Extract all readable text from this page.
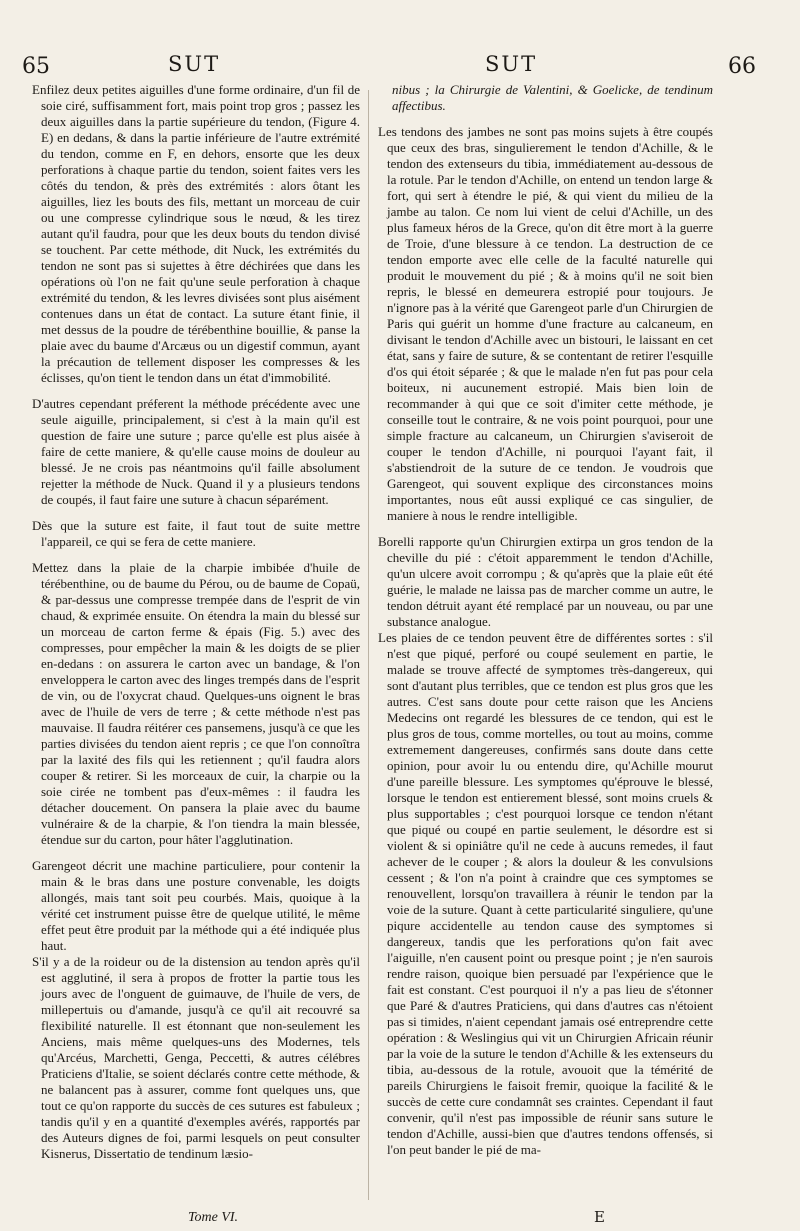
65	SUT	SUT	66

Enfilez deux petites aiguilles d'une forme ordinaire, d'un fil de soie ciré, suffisamment fort, mais point trop gros ; passez les deux aiguilles dans la partie supérieure du tendon, (Figure 4. E) en dedans, & dans la partie inférieure de l'autre extrémité du tendon, comme en F, en dehors, ensorte que les deux perforations à chaque partie du tendon, soient faites vers les côtés du tendon, & près des extrémités : alors ôtant les aiguilles, liez les bouts des fils, mettant un morceau de cuir ou une compresse cylindrique sous le nœud, & les tirez autant qu'il faudra, pour que les deux bouts du tendon divisé se touchent. Par cette méthode, dit Nuck, les extrémités du tendon ne sont pas si sujettes à être déchirées que dans les opérations où l'on ne fait qu'une seule perforation à chaque extrémité du tendon, & les levres divisées sont plus aisément contenues dans un état de contact. La suture étant finie, il met dessus de la poudre de térébenthine bouillie, & panse la plaie avec du baume d'Arcæus ou un digestif commun, ayant la précaution de tellement disposer les compresses & les éclisses, qu'on tient le tendon dans un état d'immobilité.

D'autres cependant préferent la méthode précédente avec une seule aiguille, principalement, si c'est à la main qu'il est question de faire une suture ; parce qu'elle est plus aisée à faire de cette maniere, & qu'elle cause moins de douleur au blessé. Je ne crois pas néantmoins qu'il faille absolument rejetter la méthode de Nuck. Quand il y a plusieurs tendons de coupés, il faut faire une suture à chacun séparément.

Dès que la suture est faite, il faut tout de suite mettre l'appareil, ce qui se fera de cette maniere.

Mettez dans la plaie de la charpie imbibée d'huile de térébenthine, ou de baume du Pérou, ou de baume de Copaü, & par-dessus une compresse trempée dans de l'esprit de vin chaud, & exprimée ensuite. On étendra la main du blessé sur un morceau de carton ferme & épais (Fig. 5.) avec des compresses, pour empêcher la main & les doigts de se plier en-dedans : on assurera le carton avec un bandage, & l'on enveloppera le carton avec des linges trempés dans de l'esprit de vin, ou de l'oxycrat chaud. Quelques-uns oignent le bras avec de l'huile de vers de terre ; & cette méthode n'est pas mauvaise. Il faudra réitérer ces pansemens, jusqu'à ce que les parties divisées du tendon aient repris ; ce que l'on connoîtra par la laxité des fils qui les retiennent ; qu'il faudra alors couper & retirer. Si les morceaux de cuir, la charpie ou la soie cirée ne tombent pas d'eux-mêmes : il faudra les détacher doucement. On pansera la plaie avec du baume vulnéraire & de la charpie, & l'on tiendra la main blessée, étendue sur du carton, pour hâter l'agglutination.

Garengeot décrit une machine particuliere, pour contenir la main & le bras dans une posture convenable, les doigts allongés, mais tant soit peu courbés. Mais, quoique à la vérité cet instrument puisse être de quelque utilité, le même effet peut être produit par la méthode qui a été indiquée plus haut.

S'il y a de la roideur ou de la distension au tendon après qu'il est agglutiné, il sera à propos de frotter la partie tous les jours avec de l'onguent de guimauve, de l'huile de vers, de millepertuis ou d'amande, jusqu'à ce qu'il ait recouvré sa flexibilité naturelle. Il est étonnant que non-seulement les Anciens, mais même quelques-uns des Modernes, tels qu'Arcéus, Marchetti, Genga, Peccetti, & autres célébres Praticiens d'Italie, se soient déclarés contre cette méthode, & ne balancent pas à assurer, comme font quelques uns, que tout ce qu'on rapporte du succès de ces sutures est fabuleux ; tandis qu'il y en a quantité d'exemples avérés, rapportés par des Auteurs dignes de foi, parmi lesquels on peut consulter Kisnerus, Dissertatio de tendinum læsio-

nibus ; la Chirurgie de Valentini, & Goelicke, de tendinum affectibus.

Les tendons des jambes ne sont pas moins sujets à être coupés que ceux des bras, singulierement le tendon d'Achille, & le tendon des extenseurs du tibia, immédiatement au-dessous de la rotule. Par le tendon d'Achille, on entend un tendon large & fort, qui sert à étendre le pié, & qui vient du milieu de la jambe au talon. Ce nom lui vient de celui d'Achille, un des plus fameux héros de la Grece, qu'on dit être mort à la guerre de Troie, d'une blessure à ce tendon. La destruction de ce tendon emporte avec elle celle de la faculté naturelle qui produit le mouvement du pié ; & à moins qu'il ne soit bien repris, le blessé en demeurera estropié pour toujours. Je n'ignore pas à la vérité que Garengeot parle d'un Chirurgien de Paris qui guérit un homme d'une fracture au calcaneum, en divisant le tendon d'Achille avec un bistouri, le laissant en cet état, sans y faire de suture, & se contentant de retirer l'esquille d'os qui étoit séparée ; & que le malade n'en fut pas pour cela boiteux, ni aucunement estropié. Mais bien loin de recommander à qui que ce soit d'imiter cette méthode, je conseille tout le contraire, & ne vois point pourquoi, pour une simple fracture au calcaneum, un Chirurgien s'aviseroit de couper le tendon d'Achille, ni pourquoi l'ayant fait, il s'abstiendroit de la suture de ce tendon. Je voudrois que Garengeot, qui souvent explique des circonstances moins importantes, nous eût aussi expliqué ce cas singulier, de maniere à nous le rendre intelligible.

Borelli rapporte qu'un Chirurgien extirpa un gros tendon de la cheville du pié : c'étoit apparemment le tendon d'Achille, qu'un ulcere avoit corrompu ; & qu'après que la plaie eût été guérie, le malade ne laissa pas de marcher comme un autre, le tendon détruit ayant été remplacé par un nouveau, ou par une substance analogue.

Les plaies de ce tendon peuvent être de différentes sortes : s'il n'est que piqué, perforé ou coupé seulement en partie, le malade se trouve affecté de symptomes très-dangereux, qui sont d'autant plus terribles, que ce tendon est plus gros que les autres. C'est sans doute pour cette raison que les Anciens Medecins ont regardé les blessures de ce tendon, qui est le plus gros de tous, comme mortelles, ou tout au moins, comme extremement dangereuses, confirmés sans doute dans cette opinion, pour avoir lu ou entendu dire, qu'Achille mourut d'une pareille blessure. Les symptomes qu'éprouve le blessé, lorsque le tendon est entierement blessé, sont moins cruels & plus supportables ; c'est pourquoi lorsque ce tendon n'étant que piqué ou coupé en partie seulement, le désordre est si violent & si opiniâtre qu'il ne cede à aucuns remedes, il faut achever de le couper ; & alors la douleur & les convulsions cessent ; & l'on n'a point à craindre que ces symptomes se renouvellent, lorsqu'on travaillera à réunir le tendon par la voie de la suture. Quant à cette particularité singuliere, qu'une piqure accidentelle au tendon cause des symptomes si dangereux, tandis que les perforations qu'on fait avec l'aiguille, n'en causent point ou presque point ; je n'en saurois rendre raison, quoique bien persuadé par l'expérience que le fait est constant. C'est pourquoi il n'y a pas lieu de s'étonner que Paré & d'autres Praticiens, qui dans d'autres cas n'étoient pas si timides, n'aient cependant jamais osé entreprendre cette opération : & Weslingius qui vit un Chirurgien Africain réunir par la voie de la suture le tendon d'Achille & les extenseurs du tibia, au-dessous de la rotule, avouoit que la témérité de pareils Chirurgiens le faisoit fremir, quoique la facilité & le succès de cette cure condamnât ses craintes. Cependant il faut convenir, qu'il n'est pas impossible de réunir sans suture le tendon d'Achille, aussi-bien que d'autres tendons offensés, si l'on peut bander le pié de ma-

Tome VI.	E
